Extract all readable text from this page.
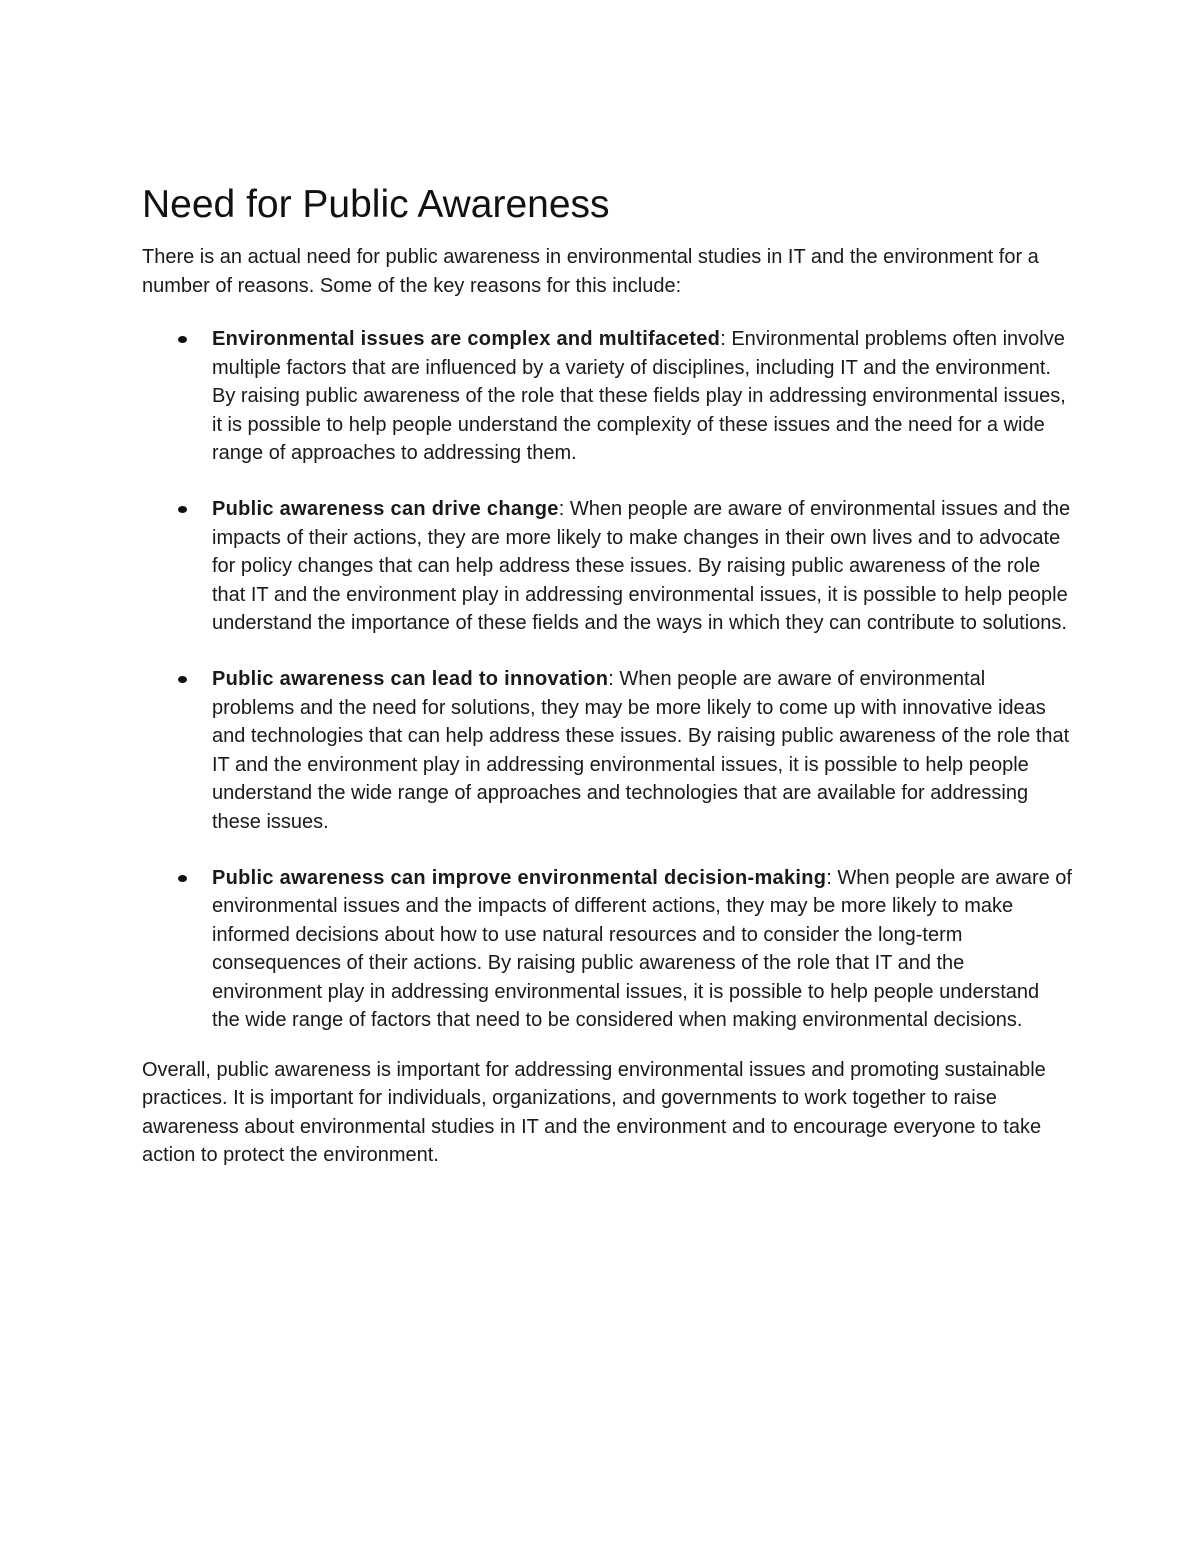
Need for Public Awareness

There is an actual need for public awareness in environmental studies in IT and the environment for a number of reasons. Some of the key reasons for this include:

Environmental issues are complex and multifaceted: Environmental problems often involve multiple factors that are influenced by a variety of disciplines, including IT and the environment. By raising public awareness of the role that these fields play in addressing environmental issues, it is possible to help people understand the complexity of these issues and the need for a wide range of approaches to addressing them.
Public awareness can drive change: When people are aware of environmental issues and the impacts of their actions, they are more likely to make changes in their own lives and to advocate for policy changes that can help address these issues. By raising public awareness of the role that IT and the environment play in addressing environmental issues, it is possible to help people understand the importance of these fields and the ways in which they can contribute to solutions.
Public awareness can lead to innovation: When people are aware of environmental problems and the need for solutions, they may be more likely to come up with innovative ideas and technologies that can help address these issues. By raising public awareness of the role that IT and the environment play in addressing environmental issues, it is possible to help people understand the wide range of approaches and technologies that are available for addressing these issues.
Public awareness can improve environmental decision-making: When people are aware of environmental issues and the impacts of different actions, they may be more likely to make informed decisions about how to use natural resources and to consider the long-term consequences of their actions. By raising public awareness of the role that IT and the environment play in addressing environmental issues, it is possible to help people understand the wide range of factors that need to be considered when making environmental decisions.

Overall, public awareness is important for addressing environmental issues and promoting sustainable practices. It is important for individuals, organizations, and governments to work together to raise awareness about environmental studies in IT and the environment and to encourage everyone to take action to protect the environment.
